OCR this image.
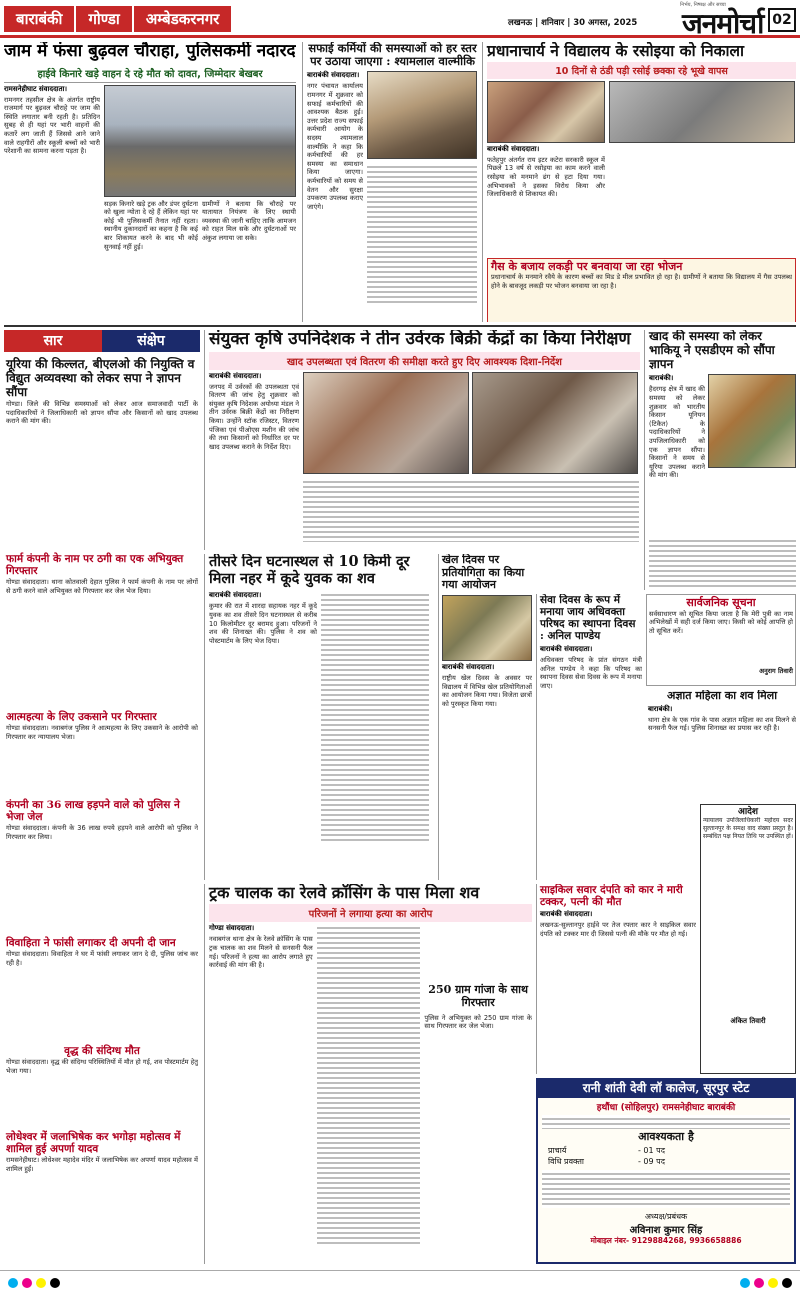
बाराबंकी	गोण्डा	अम्बेडकरनगर	लखनऊ | शनिवार | 30 अगस्त, 2025
निर्भय, निष्पक्ष और सच्चा
जनमोर्चा 02
जाम में फंसा बुढ़वल चौराहा, पुलिसकर्मी नदारद
हाईवे किनारे खड़े वाहन दे रहे मौत को दावत, जिम्मेदार बेखबर
रामसनेहीघाट संवाददाता।
रामनगर तहसील क्षेत्र के अंतर्गत राष्ट्रीय राजमार्ग पर बुढ़वल चौराहे पर जाम की स्थिति लगातार बनी रहती है। प्रतिदिन सुबह से ही यहां पर भारी वाहनों की कतारें लग जाती हैं जिससे आने जाने वाले राहगीरों और स्कूली बच्चों को भारी परेशानी का सामना करना पड़ता है।
सड़क किनारे खड़े ट्रक और डंपर दुर्घटना को खुला न्योता दे रहे हैं लेकिन यहां पर कोई भी पुलिसकर्मी तैनात नहीं रहता। स्थानीय दुकानदारों का कहना है कि कई बार शिकायत करने के बाद भी कोई सुनवाई नहीं हुई।
ग्रामीणों ने बताया कि चौराहे पर यातायात नियंत्रण के लिए स्थायी व्यवस्था की जानी चाहिए ताकि आमजन को राहत मिल सके और दुर्घटनाओं पर अंकुश लगाया जा सके।
सफाई कर्मियों की समस्याओं को हर स्तर पर उठाया जाएगा : श्यामलाल वाल्मीकि
बाराबंकी संवाददाता।
नगर पंचायत कार्यालय रामनगर में शुक्रवार को सफाई कर्मचारियों की आवश्यक बैठक हुई। उत्तर प्रदेश राज्य सफाई कर्मचारी आयोग के सदस्य श्यामलाल वाल्मीकि ने कहा कि कर्मचारियों की हर समस्या का समाधान किया जाएगा। कर्मचारियों को समय से वेतन और सुरक्षा उपकरण उपलब्ध कराए जाएंगे।
प्रधानाचार्य ने विद्यालय के रसोइया को निकाला
10 दिनों से ठंडी पड़ी रसोई छक्का रहे भूखे वापस
बाराबंकी संवाददाता।
फतेहपुर अंतर्गत राय इटर कटेरा सरकारी स्कूल में पिछले 13 वर्ष से रसोइया का काम करने वाली रसोइया को मनमाने ढंग से हटा दिया गया। अभिभावकों ने इसका विरोध किया और जिलाधिकारी से शिकायत की।
गैस के बजाय लकड़ी पर बनवाया जा रहा भोजन
प्रधानाचार्य के मनमाने रवैये के कारण बच्चों का मिड डे मील प्रभावित हो रहा है। ग्रामीणों ने बताया कि विद्यालय में गैस उपलब्ध होने के बावजूद लकड़ी पर भोजन बनवाया जा रहा है।
सार	संक्षेप
यूरिया की किल्लत, बीएलओ की नियुक्ति व विद्युत अव्यवस्था को लेकर सपा ने ज्ञापन सौंपा
गोण्डा। जिले की विभिन्न समस्याओं को लेकर आज समाजवादी पार्टी के पदाधिकारियों ने जिलाधिकारी को ज्ञापन सौंपा और किसानों को खाद उपलब्ध कराने की मांग की।
फार्म कंपनी के नाम पर ठगी का एक अभियुक्त गिरफ्तार
गोण्डा संवाददाता। थाना कोतवाली देहात पुलिस ने फार्म कंपनी के नाम पर लोगों से ठगी करने वाले अभियुक्त को गिरफ्तार कर जेल भेज दिया।
आत्महत्या के लिए उकसाने पर गिरफ्तार
गोण्डा संवाददाता। नवाबगंज पुलिस ने आत्महत्या के लिए उकसाने के आरोपी को गिरफ्तार कर न्यायालय भेजा।
कंपनी का 36 लाख हड़पने वाले को पुलिस ने भेजा जेल
गोण्डा संवाददाता। कंपनी के 36 लाख रुपये हड़पने वाले आरोपी को पुलिस ने गिरफ्तार कर लिया।
विवाहिता ने फांसी लगाकर दी अपनी दी जान
गोण्डा संवाददाता। विवाहिता ने घर में फांसी लगाकर जान दे दी, पुलिस जांच कर रही है।
वृद्ध की संदिग्ध मौत
गोण्डा संवाददाता। वृद्ध की संदिग्ध परिस्थितियों में मौत हो गई, शव पोस्टमार्टम हेतु भेजा गया।
लोधेश्वर में जलाभिषेक कर भगोड़ा महोत्सव में शामिल हुई अपर्णा यादव
रामसनेहीघाट। लोधेश्वर महादेव मंदिर में जलाभिषेक कर अपर्णा यादव महोत्सव में शामिल हुईं।
संयुक्त कृषि उपनिदेशक ने तीन उर्वरक बिक्री केंद्रों का किया निरीक्षण
खाद उपलब्धता एवं वितरण की समीक्षा करते हुए दिए आवश्यक दिशा-निर्देश
बाराबंकी संवाददाता।
जनपद में उर्वरकों की उपलब्धता एवं वितरण की जांच हेतु शुक्रवार को संयुक्त कृषि निदेशक अयोध्या मंडल ने तीन उर्वरक बिक्री केंद्रों का निरीक्षण किया। उन्होंने स्टॉक रजिस्टर, वितरण पंजिका एवं पीओएस मशीन की जांच की तथा किसानों को निर्धारित दर पर खाद उपलब्ध कराने के निर्देश दिए।
खाद की समस्या को लेकर भाकियू ने एसडीएम को सौंपा ज्ञापन
बाराबंकी।
हैदरगढ़ क्षेत्र में खाद की समस्या को लेकर शुक्रवार को भारतीय किसान यूनियन (टिकैत) के पदाधिकारियों ने उपजिलाधिकारी को एक ज्ञापन सौंपा। किसानों ने समय से यूरिया उपलब्ध कराने की मांग की।
तीसरे दिन घटनास्थल से 10 किमी दूर मिला नहर में कूदे युवक का शव
बाराबंकी संवाददाता।
कुमार की रात में शारदा सहायक नहर में कूदे युवक का शव तीसरे दिन घटनास्थल से करीब 10 किलोमीटर दूर बरामद हुआ। परिजनों ने शव की शिनाख्त की। पुलिस ने शव को पोस्टमार्टम के लिए भेज दिया।
खेल दिवस पर प्रतियोगिता का किया गया आयोजन
बाराबंकी संवाददाता।
राष्ट्रीय खेल दिवस के अवसर पर विद्यालय में विभिन्न खेल प्रतियोगिताओं का आयोजन किया गया। विजेता छात्रों को पुरस्कृत किया गया।
सेवा दिवस के रूप में मनाया जाय अधिवक्ता परिषद का स्थापना दिवस : अनिल पाण्डेय
बाराबंकी संवाददाता।
अधिवक्ता परिषद के प्रांत संगठन मंत्री अनिल पाण्डेय ने कहा कि परिषद का स्थापना दिवस सेवा दिवस के रूप में मनाया जाए।
सार्वजनिक सूचना
सर्वसाधारण को सूचित किया जाता है कि मेरी पुत्री का नाम अभिलेखों में सही दर्ज किया जाए। किसी को कोई आपत्ति हो तो सूचित करें।
अनुराग तिवारी
अज्ञात महिला का शव मिला
बाराबंकी।
थाना क्षेत्र के एक गांव के पास अज्ञात महिला का शव मिलने से सनसनी फैल गई। पुलिस शिनाख्त का प्रयास कर रही है।
आदेश
न्यायालय उपजिलाधिकारी महोदय सदर सुल्तानपुर के समक्ष वाद संख्या प्रस्तुत है। सम्बंधित पक्ष नियत तिथि पर उपस्थित हों।
अंकित तिवारी
साइकिल सवार दंपति को कार ने मारी टक्कर, पत्नी की मौत
बाराबंकी संवाददाता।
लखनऊ-सुल्तानपुर हाईवे पर तेज रफ्तार कार ने साइकिल सवार दंपति को टक्कर मार दी जिससे पत्नी की मौके पर मौत हो गई।
ट्रक चालक का रेलवे क्रॉसिंग के पास मिला शव
परिजनों ने लगाया हत्या का आरोप
गोण्डा संवाददाता।
नवाबगंज थाना क्षेत्र के रेलवे क्रॉसिंग के पास ट्रक चालक का शव मिलने से सनसनी फैल गई। परिजनों ने हत्या का आरोप लगाते हुए कार्रवाई की मांग की है।
250 ग्राम गांजा के साथ गिरफ्तार
पुलिस ने अभियुक्त को 250 ग्राम गांजा के साथ गिरफ्तार कर जेल भेजा।
रानी शांती देवी लॉ कालेज, सूरपुर स्टेट
हथौंधा (सोहिलपुर) रामसनेहीघाट बाराबंकी
आवश्यकता है
प्राचार्य	- 01 पद
विधि प्रवक्ता	- 09 पद
अध्यक्ष/प्रबंधक
अविनाश कुमार सिंह
मोबाइल नंबर- 9129884268, 9936658886
